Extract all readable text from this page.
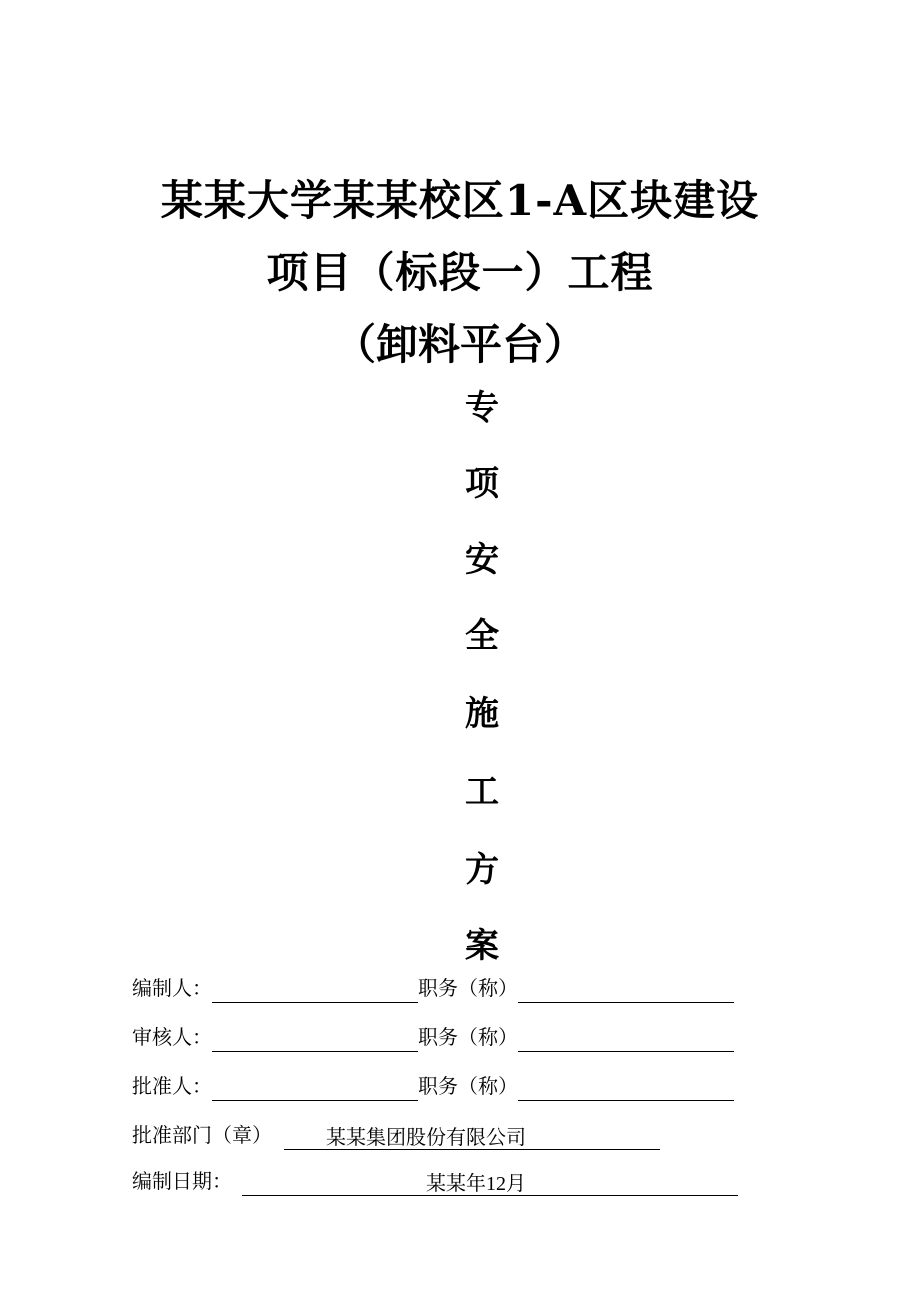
某某大学某某校区1-A区块建设
项目（标段一）工程
（卸料平台）
专
项
安
全
施
工
方
案
编制人：	职务（称）
审核人：	职务（称）
批准人：	职务（称）
批准部门（章）	某某集团股份有限公司
编制日期：	某某年12月
